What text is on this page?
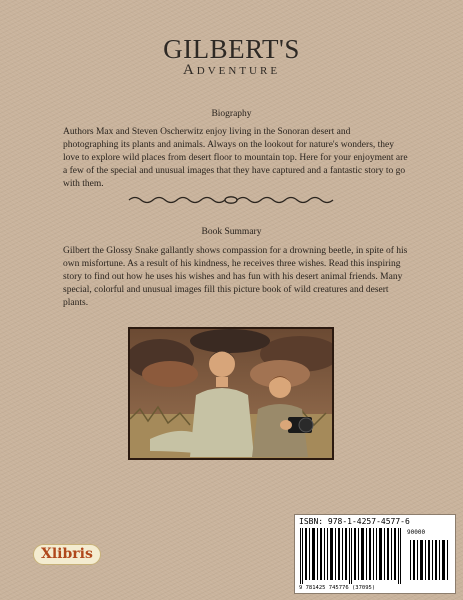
GILBERT'S
Adventure
Biography
Authors Max and Steven Oscherwitz enjoy living in the Sonoran desert and photographing its plants and animals. Always on the lookout for nature's wonders, they love to explore wild places from desert floor to mountain top. Here for your enjoyment are a few of the special and unusual images that they have captured and a fantastic story to go with them.
Book Summary
Gilbert the Glossy Snake gallantly shows compassion for a drowning beetle, in spite of his own misfortune. As a result of his kindness, he receives three wishes. Read this inspiring story to find out how he uses his wishes and has fun with his desert animal friends. Many special, colorful and unusual images fill this picture book of wild creatures and desert plants.
ISBN: 978-1-4257-4577-6
90000
9 781425 745776 (37095)
Xlibris
